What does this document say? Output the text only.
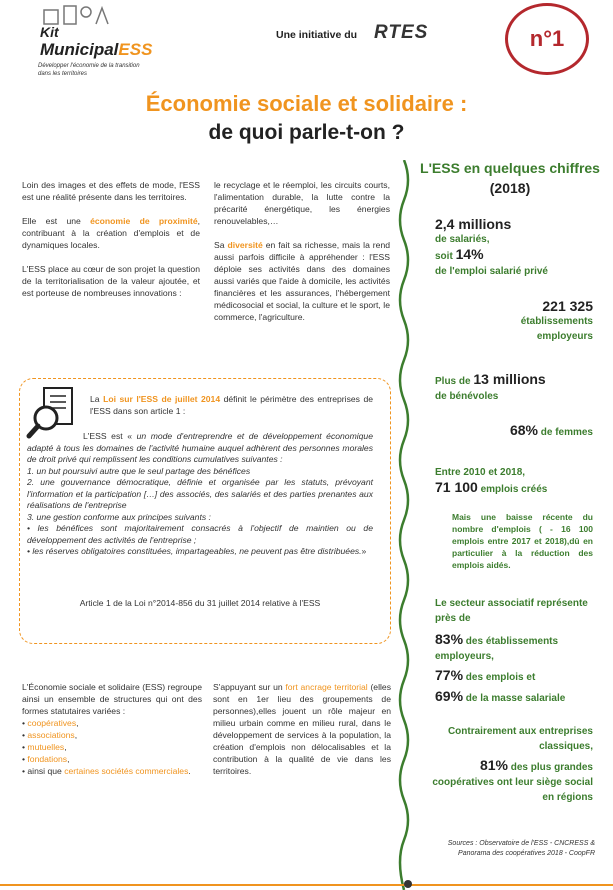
Kit
MunicipalESS
Développer l'économie de la transition dans les territoires
Une initiative du RTES	n°1
Économie sociale et solidaire :
de quoi parle-t-on ?

Loin des images et des effets de mode, l'ESS est une réalité présente dans les territoires.

Elle est une économie de proximité, contribuant à la création d'emplois et de dynamiques locales.

L'ESS place au cœur de son projet la question de la territorialisation de la valeur ajoutée, et est porteuse de nombreuses innovations :

le recyclage et le réemploi, les circuits courts, l'alimentation durable, la lutte contre la précarité énergétique, les énergies renouvelables,…

Sa diversité en fait sa richesse, mais la rend aussi parfois difficile à appréhender : l'ESS déploie ses activités dans des domaines aussi variés que l'aide à domicile, les activités financières et les assurances, l'hébergement médicosocial et social, la culture et le sport, le commerce, l'agriculture.

La Loi sur l'ESS de juillet 2014 définit le périmètre des entreprises de l'ESS dans son article 1 :
L'ESS est « un mode d'entreprendre et de développement économique adapté à tous les domaines de l'activité humaine auquel adhèrent des personnes morales de droit privé qui remplissent les conditions cumulatives suivantes :
1. un but poursuivi autre que le seul partage des bénéfices
2. une gouvernance démocratique, définie et organisée par les statuts, prévoyant l'information et la participation […] des associés, des salariés et des parties prenantes aux réalisations de l'entreprise
3. une gestion conforme aux principes suivants :
• les bénéfices sont majoritairement consacrés à l'objectif de maintien ou de développement des activités de l'entreprise ;
• les réserves obligatoires constituées, impartageables, ne peuvent pas être distribuées.»
Article 1 de la Loi n°2014-856 du 31 juillet 2014 relative à l'ESS

L'Économie sociale et solidaire (ESS) regroupe ainsi un ensemble de structures qui ont des formes statutaires variées :

• coopératives,
• associations,
• mutuelles,
• fondations,
• ainsi que certaines sociétés commerciales.
S'appuyant sur un fort ancrage territorial (elles sont en 1er lieu des groupements de personnes),elles jouent un rôle majeur en milieu urbain comme en milieu rural, dans le développement de services à la population, la création d'emplois non délocalisables et la contribution à la qualité de vie dans les territoires.
L'ESS en quelques chiffres (2018)
2,4 millions
de salariés,
soit 14%
de l'emploi salarié privé
221 325
établissements employeurs
Plus de 13 millions
de bénévoles
68% de femmes
Entre 2010 et 2018,
71 100 emplois créés
Mais une baisse récente du nombre d'emplois ( - 16 100 emplois entre 2017 et 2018),dû en particulier à la réduction des emplois aidés.
Le secteur associatif représente près de
83% des établissements employeurs,
77% des emplois et
69% de la masse salariale
Contrairement aux entreprises classiques,
81% des plus grandes coopératives ont leur siège social en régions
Sources : Observatoire de l'ESS - CNCRESS & Panorama des coopératives 2018 - CoopFR
